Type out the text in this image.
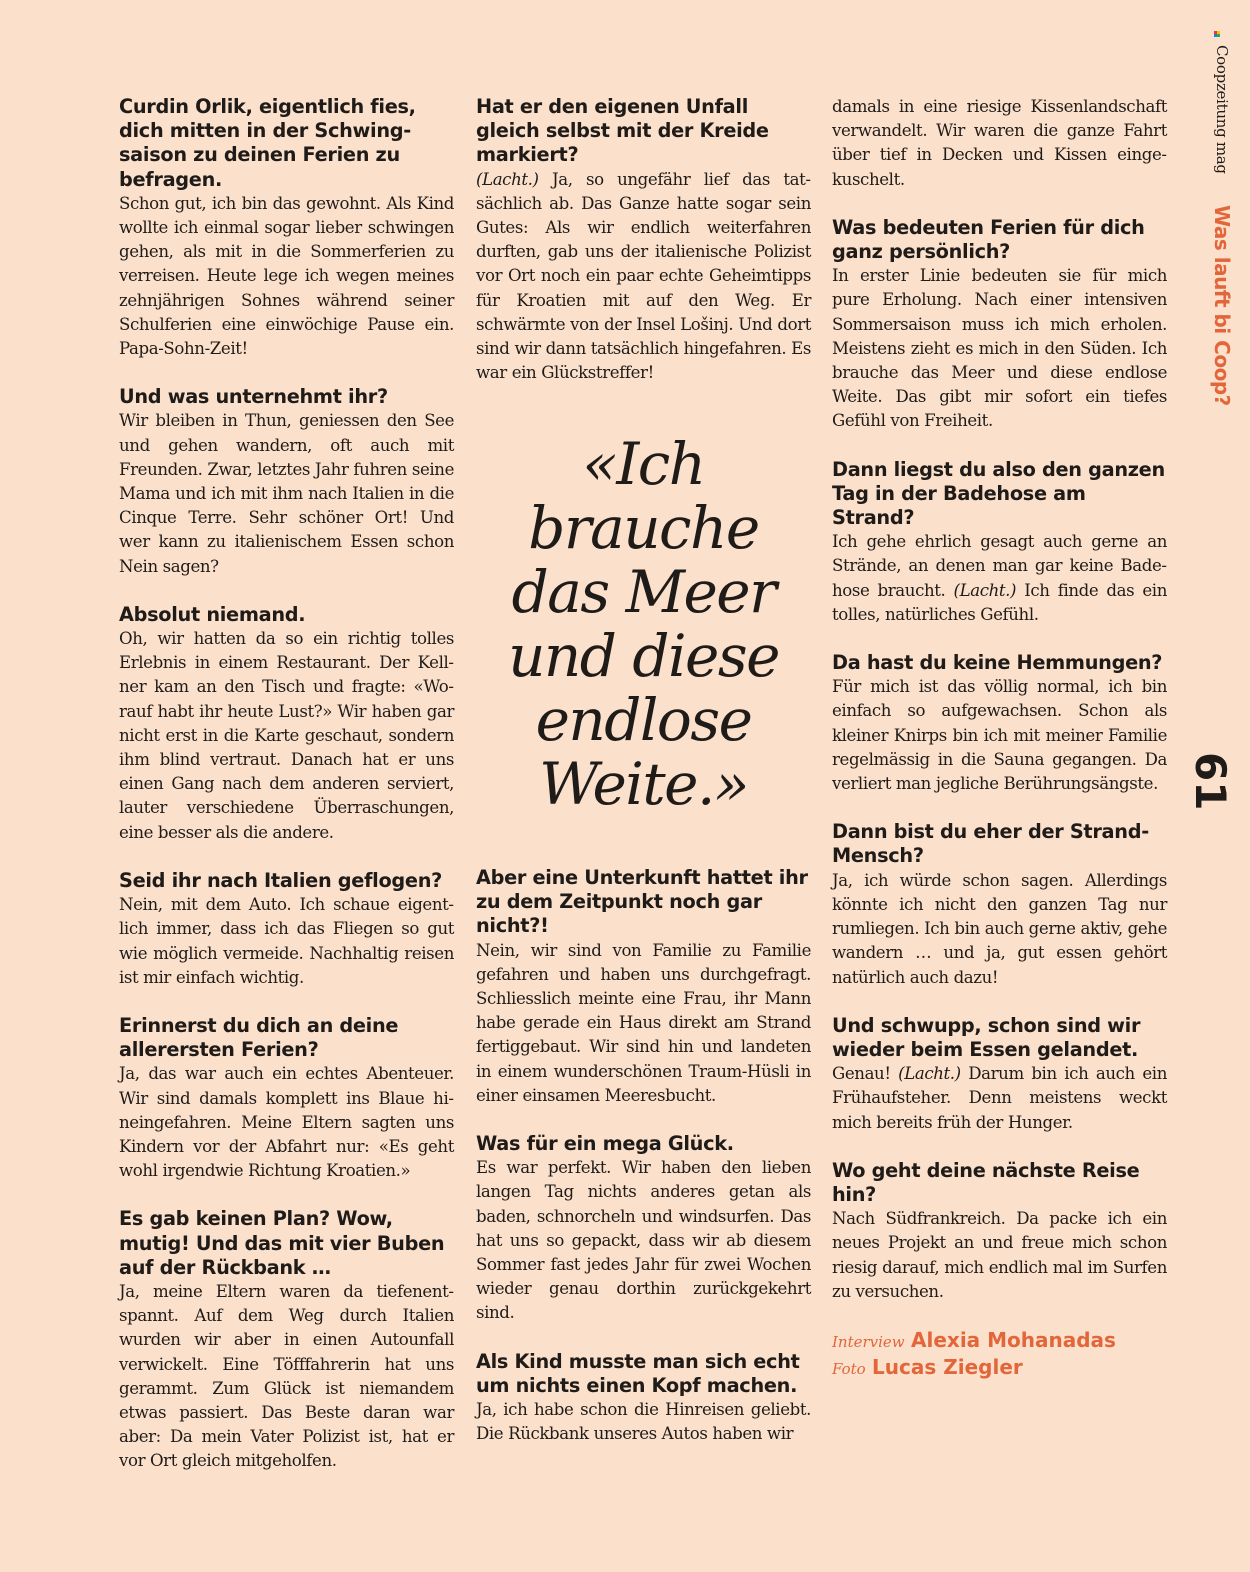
Curdin Orlik, eigentlich fies, dich mitten in der Schwingsaison zu deinen Ferien zu befragen.

Schon gut, ich bin das gewohnt. Als Kind wollte ich einmal sogar lieber schwingen gehen, als mit in die Sommerferien zu verreisen. Heute lege ich wegen meines zehnjährigen Sohnes während seiner Schulferien eine einwöchige Pause ein. Papa-Sohn-Zeit!

Und was unternehmt ihr?

Wir bleiben in Thun, geniessen den See und gehen wandern, oft auch mit Freunden. Zwar, letztes Jahr fuhren seine Mama und ich mit ihm nach Italien in die Cinque Terre. Sehr schöner Ort! Und wer kann zu italienischem Essen schon Nein sagen?

Absolut niemand.

Oh, wir hatten da so ein richtig tolles Erlebnis in einem Restaurant. Der Kellner kam an den Tisch und fragte: «Worauf habt ihr heute Lust?» Wir haben gar nicht erst in die Karte geschaut, sondern ihm blind vertraut. Danach hat er uns einen Gang nach dem anderen serviert, lauter verschiedene Überraschungen, eine besser als die andere.

Seid ihr nach Italien geflogen?

Nein, mit dem Auto. Ich schaue eigentlich immer, dass ich das Fliegen so gut wie möglich vermeide. Nachhaltig reisen ist mir einfach wichtig.

Erinnerst du dich an deine allerersten Ferien?

Ja, das war auch ein echtes Abenteuer. Wir sind damals komplett ins Blaue hineingefahren. Meine Eltern sagten uns Kindern vor der Abfahrt nur: «Es geht wohl irgendwie Richtung Kroatien.»

Es gab keinen Plan? Wow, mutig! Und das mit vier Buben auf der Rückbank …

Ja, meine Eltern waren da tiefenentspannt. Auf dem Weg durch Italien wurden wir aber in einen Autounfall verwickelt. Eine Töfffahrerin hat uns gerammt. Zum Glück ist niemandem etwas passiert. Das Beste daran war aber: Da mein Vater Polizist ist, hat er vor Ort gleich mitgeholfen.

Hat er den eigenen Unfall gleich selbst mit der Kreide markiert?

(Lacht.) Ja, so ungefähr lief das tatsächlich ab. Das Ganze hatte sogar sein Gutes: Als wir endlich weiterfahren durften, gab uns der italienische Polizist vor Ort noch ein paar echte Geheimtipps für Kroatien mit auf den Weg. Er schwärmte von der Insel Lošinj. Und dort sind wir dann tatsächlich hingefahren. Es war ein Glückstreffer!

«Ich
brauche
das Meer
und diese
endlose
Weite.»

Aber eine Unterkunft hattet ihr zu dem Zeitpunkt noch gar nicht?!

Nein, wir sind von Familie zu Familie gefahren und haben uns durchgefragt. Schliesslich meinte eine Frau, ihr Mann habe gerade ein Haus direkt am Strand fertiggebaut. Wir sind hin und landeten in einem wunderschönen Traum-Hüsli in einer einsamen Meeresbucht.

Was für ein mega Glück.

Es war perfekt. Wir haben den lieben langen Tag nichts anderes getan als baden, schnorcheln und windsurfen. Das hat uns so gepackt, dass wir ab diesem Sommer fast jedes Jahr für zwei Wochen wieder genau dorthin zurückgekehrt sind.

Als Kind musste man sich echt um nichts einen Kopf machen.

Ja, ich habe schon die Hinreisen geliebt. Die Rückbank unseres Autos haben wir

damals in eine riesige Kissenlandschaft verwandelt. Wir waren die ganze Fahrt über tief in Decken und Kissen eingekuschelt.

Was bedeuten Ferien für dich ganz persönlich?

In erster Linie bedeuten sie für mich pure Erholung. Nach einer intensiven Sommersaison muss ich mich erholen. Meistens zieht es mich in den Süden. Ich brauche das Meer und diese endlose Weite. Das gibt mir sofort ein tiefes Gefühl von Freiheit.

Dann liegst du also den ganzen Tag in der Badehose am Strand?

Ich gehe ehrlich gesagt auch gerne an Strände, an denen man gar keine Badehose braucht. (Lacht.) Ich finde das ein tolles, natürliches Gefühl.

Da hast du keine Hemmungen?

Für mich ist das völlig normal, ich bin einfach so aufgewachsen. Schon als kleiner Knirps bin ich mit meiner Familie regelmässig in die Sauna gegangen. Da verliert man jegliche Berührungsängste.

Dann bist du eher der Strand-Mensch?

Ja, ich würde schon sagen. Allerdings könnte ich nicht den ganzen Tag nur rumliegen. Ich bin auch gerne aktiv, gehe wandern … und ja, gut essen gehört natürlich auch dazu!

Und schwupp, schon sind wir wieder beim Essen gelandet.

Genau! (Lacht.) Darum bin ich auch ein Frühaufsteher. Denn meistens weckt mich bereits früh der Hunger.

Wo geht deine nächste Reise hin?

Nach Südfrankreich. Da packe ich ein neues Projekt an und freue mich schon riesig darauf, mich endlich mal im Surfen zu versuchen.

Interview Alexia Mohanadas
Foto Lucas Ziegler
Coopzeitung mag Was lauft bi Coop?
61
